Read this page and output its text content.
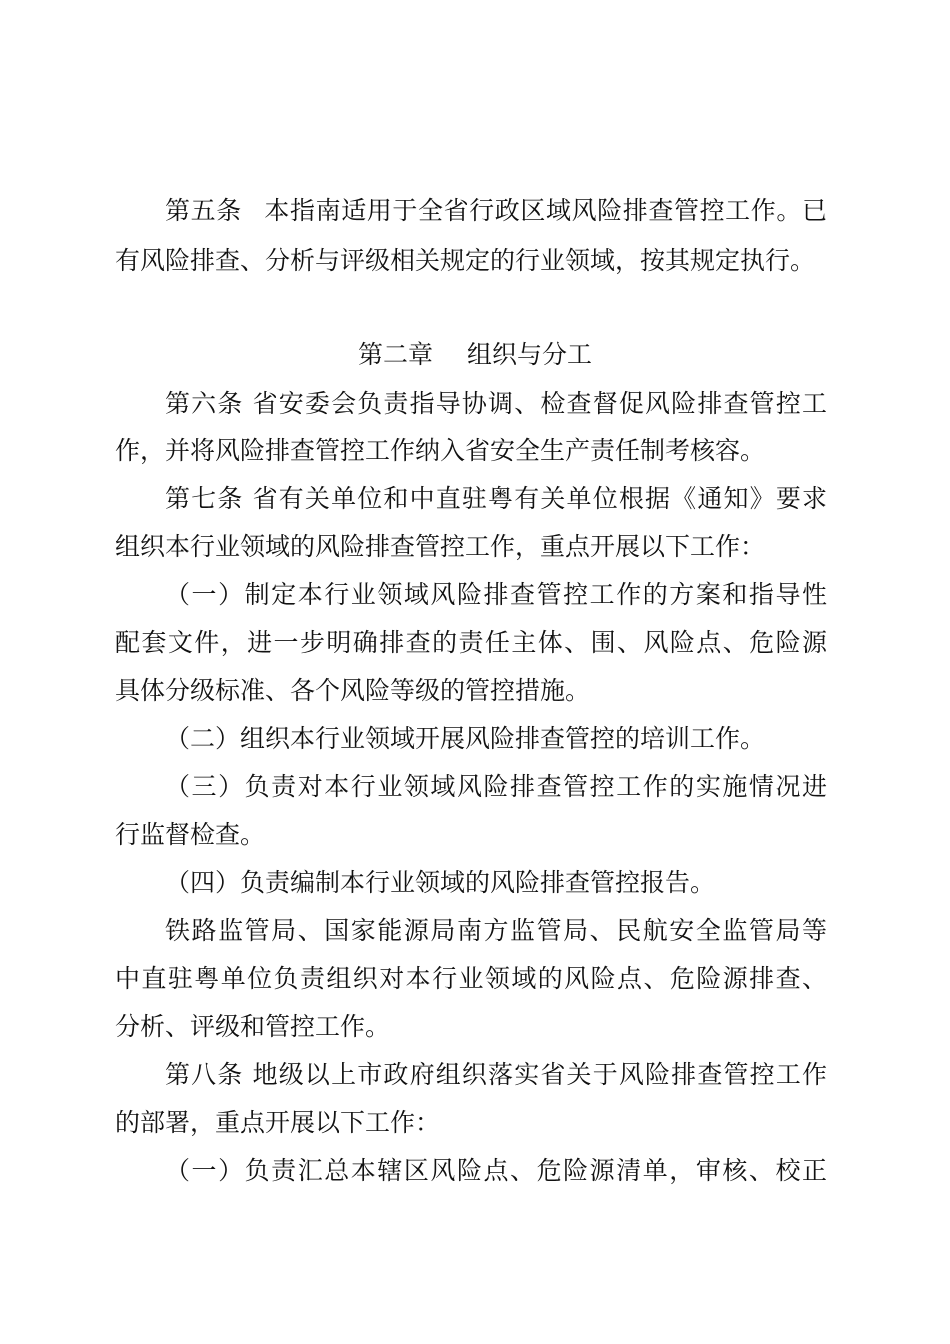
第五条 本指南适用于全省行政区域风险排查管控工作。已
有风险排查、分析与评级相关规定的行业领域，按其规定执行。
第二章 组织与分工
第六条 省安委会负责指导协调、检查督促风险排查管控工
作，并将风险排查管控工作纳入省安全生产责任制考核容。
第七条 省有关单位和中直驻粤有关单位根据《通知》要求
组织本行业领域的风险排查管控工作，重点开展以下工作：
（一）制定本行业领域风险排查管控工作的方案和指导性
配套文件，进一步明确排查的责任主体、围、风险点、危险源
具体分级标准、各个风险等级的管控措施。
（二）组织本行业领域开展风险排查管控的培训工作。
（三）负责对本行业领域风险排查管控工作的实施情况进
行监督检查。
（四）负责编制本行业领域的风险排查管控报告。
铁路监管局、国家能源局南方监管局、民航安全监管局等
中直驻粤单位负责组织对本行业领域的风险点、危险源排查、
分析、评级和管控工作。
第八条 地级以上市政府组织落实省关于风险排查管控工作
的部署，重点开展以下工作：
（一）负责汇总本辖区风险点、危险源清单，审核、校正
